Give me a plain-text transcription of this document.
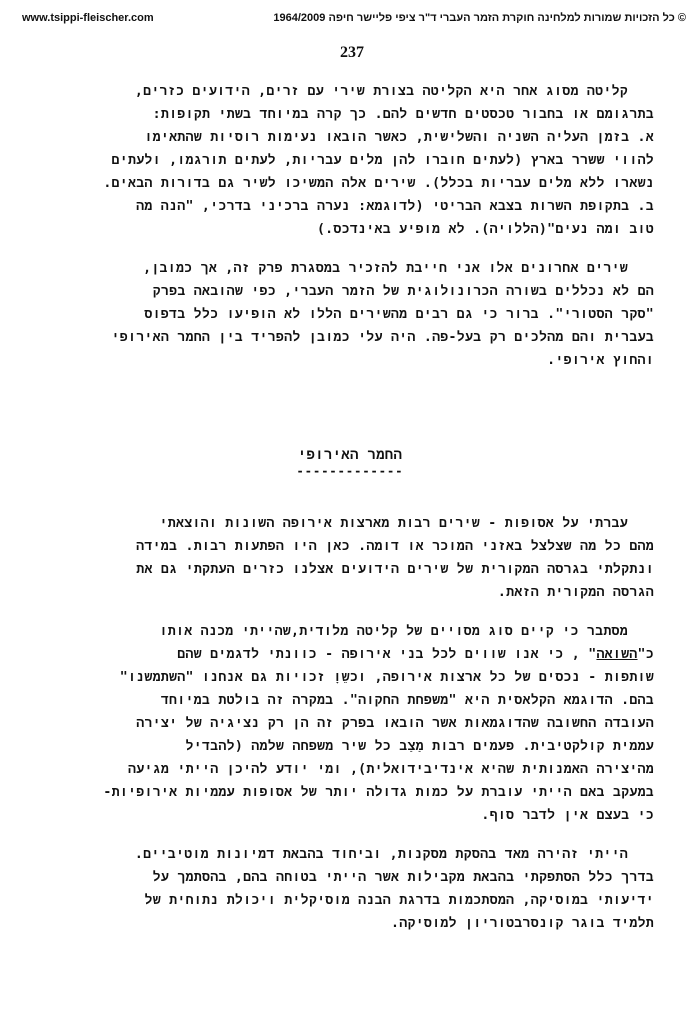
www.tsippi-fleischer.com	© כל הזכויות שמורות למלחינה חוקרת הזמר העברי ד"ר ציפי פליישר חיפה 1964/2009
237
קליטה מסוג אחר היא הקליטה בצורת שירי עם זרים, הידועים כזרים,
בתרגומם או בחבור טכסטים חדשים להם. כך קרה במיוחד בשתי תקופות:
א. בזמן העליה השניה והשלישית, כאשר הובאו נעימות רוסיות שהתאימו
להווי ששרר בארץ (לעתים חוברו להן מלים עבריות, לעתים תורגמו, ולעתים
נשארו ללא מלים עבריות בכלל). שירים אלה המשיכו לשיר גם בדורות הבאים.
ב. בתקופת השרות בצבא הבריטי (לדוגמא: נערה ברכיני בדרכי, "הנה מה
טוב ומה נעים"(הללויה). לא מופיע באינדכס.)
שירים אחרונים אלו אני חייבת להזכיר במסגרת פרק זה, אך כמובן,
הם לא נכללים בשורה הכרונולוגית של הזמר העברי, כפי שהובאה בפרק
"סקר הסטורי". ברור כי גם רבים מהשירים הללו לא הופיעו כלל בדפוס
בעברית והם מהלכים רק בעל-פה. היה עלי כמובן להפריד בין החמר האירופי
והחוץ אירופי.
החמר האירופי
-------------
עברתי על אסופות - שירים רבות מארצות אירופה השונות והוצאתי
מהם כל מה שצלצל באזני המוכר או דומה. כאן היו הפתעות רבות. במידה
ונתקלתי בגרסה המקורית של שירים הידועים אצלנו כזרים העתקתי גם את
הגרסה המקורית הזאת.
מסתבר כי קיים סוג מסויים של קליטה מלודית,שהייתי מכנה אותו
כ"השואה" , כי אנו שווים לכל בני אירופה - כוונתי לדגמים שהם
שותפות - נכסים של כל ארצות אירופה, וכשֵוָ זכויות גם אנחנו "השתמשנו"
בהם. הדוגמא הקלאסית היא "משפחת החקוה". במקרה זה בולטת במיוחד
העובדה החשובה שהדוגמאות אשר הובאו בפרק זה הן רק נציגיה של יצירה
עממית קולקטיבית. פעמים רבות מַצַב כל שיר משפחה שלמה (להבדיל
מהיצירה האמנותית שהיא אינדיבידואלית), ומי יודע להיכן הייתי מגיעה
במעקב באם הייתי עוברת על כמות גדולה יותר של אסופות עממיות אירופיות-
כי בעצם אין לדבר סוף.
הייתי זהירה מאד בהסקת מסקנות, וביחוד בהבאת דמיונות מוטיביים.
בדרך כלל הסתפקתי בהבאת מקבילות אשר הייתי בטוחה בהם, בהסתמך על
ידיעותי במוסיקה, המסתכמות בדרגת הבנה מוסיקלית ויכולת נתוחית של
תלמיד בוגר קונסרבטוריון למוסיקה.
